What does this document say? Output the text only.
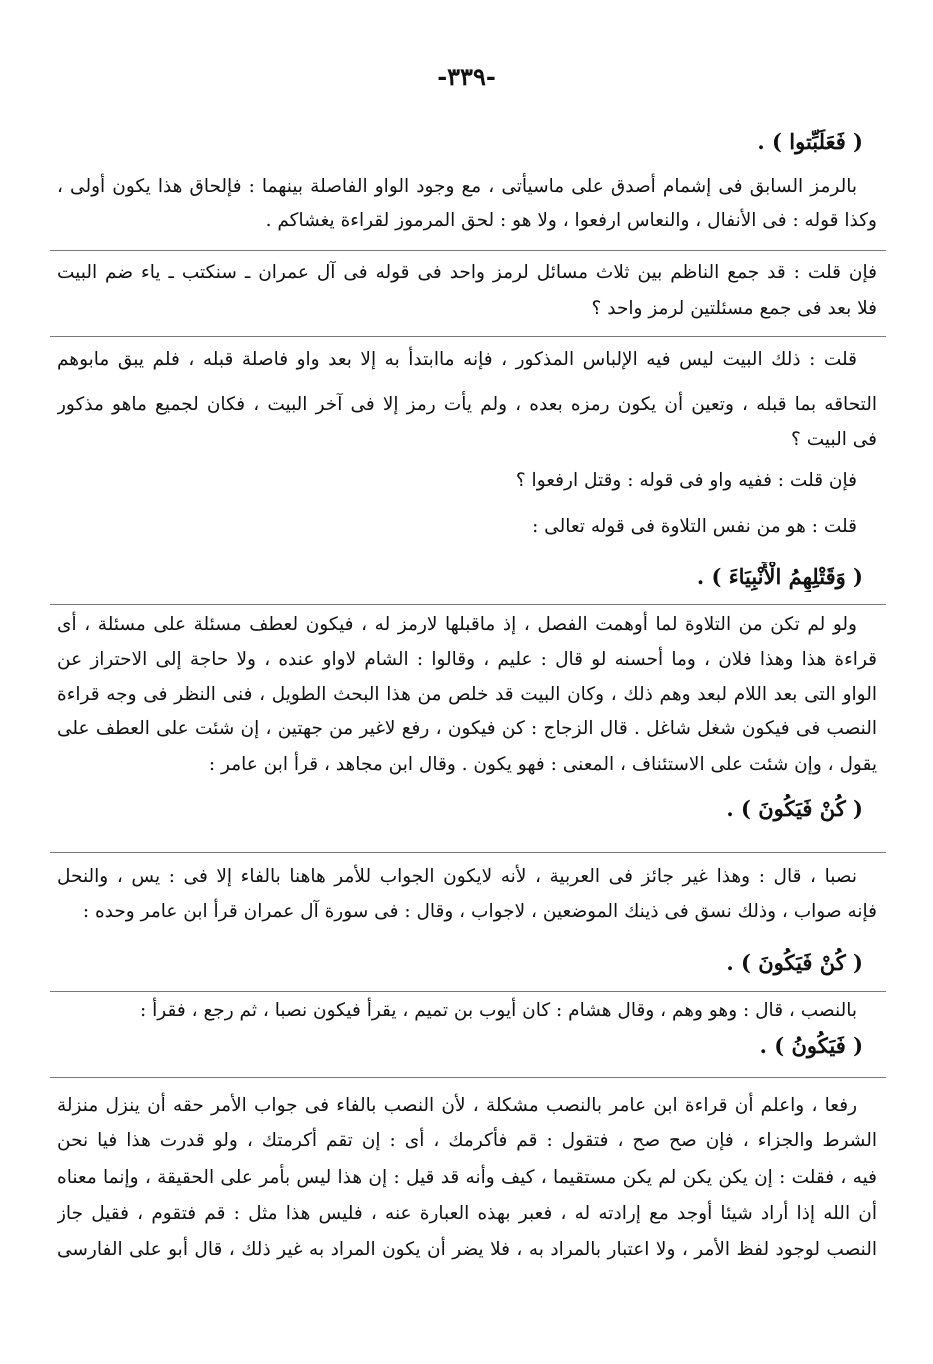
-٣٣٩-
( فَعَلَبِّتوا ) .
بالرمز السابق فى إشمام أصدق على ماسيأتى ، مع وجود الواو الفاصلة بينهما : فإلحاق هذا يكون أولى ،
وكذا قوله : فى الأنفال ، والنعاس ارفعوا ، ولا هو : لحق المرموز لقراءة يغشاكم .
فإن قلت : قد جمع الناظم بين ثلاث مسائل لرمز واحد فى قوله فى آل عمران ـ سنكتب ـ ياء ضم البيت
فلا بعد فى جمع مسئلتين لرمز واحد ؟
قلت : ذلك البيت ليس فيه الإلباس المذكور ، فإنه ماابتدأ به إلا بعد واو فاصلة قبله ، فلم يبق مابوهم
التحاقه بما قبله ، وتعين أن يكون رمزه بعده ، ولم يأت رمز إلا فى آخر البيت ، فكان لجميع ماهو مذكور
فى البيت ؟
فإن قلت : ففيه واو فى قوله : وقتل ارفعوا ؟
قلت : هو من نفس التلاوة فى قوله تعالى :
( وَقَتْلِهِمُ الْأَنْبِيَاءَ ) .
ولو لم تكن من التلاوة لما أوهمت الفصل ، إذ ماقبلها لارمز له ، فيكون لعطف مسئلة على مسئلة ، أى
قراءة هذا وهذا فلان ، وما أحسنه لو قال : عليم ، وقالوا : الشام لاواو عنده ، ولا حاجة إلى الاحتراز عن
الواو التى بعد اللام لبعد وهم ذلك ، وكان البيت قد خلص من هذا البحث الطويل ، فنى النظر فى وجه قراءة
النصب فى فيكون شغل شاغل . قال الزجاج : كن فيكون ، رفع لاغير من جهتين ، إن شئت على العطف على
يقول ، وإن شئت على الاستئناف ، المعنى : فهو يكون . وقال ابن مجاهد ، قرأ ابن عامر :
( كُنْ فَيَكُونَ ) .
نصبا ، قال : وهذا غير جائز فى العربية ، لأنه لايكون الجواب للأمر هاهنا بالفاء إلا فى : يس ، والنحل
فإنه صواب ، وذلك نسق فى ذينك الموضعين ، لاجواب ، وقال : فى سورة آل عمران قرأ ابن عامر وحده :
( كُنْ فَيَكُونَ ) .
بالنصب ، قال : وهو وهم ، وقال هشام : كان أيوب بن تميم ، يقرأ فيكون نصبا ، ثم رجع ، فقرأ :
( فَيَكُونُ ) .
رفعا ، واعلم أن قراءة ابن عامر بالنصب مشكلة ، لأن النصب بالفاء فى جواب الأمر حقه أن ينزل منزلة
الشرط والجزاء ، فإن صح صح ، فتقول : قم فأكرمك ، أى : إن تقم أكرمتك ، ولو قدرت هذا فيا نحن
فيه ، فقلت : إن يكن يكن لم يكن مستقيما ، كيف وأنه قد قيل : إن هذا ليس بأمر على الحقيقة ، وإنما معناه
أن الله إذا أراد شيئا أوجد مع إرادته له ، فعبر بهذه العبارة عنه ، فليس هذا مثل : قم فتقوم ، فقيل جاز
النصب لوجود لفظ الأمر ، ولا اعتبار بالمراد به ، فلا يضر أن يكون المراد به غير ذلك ، قال أبو على الفارسى
